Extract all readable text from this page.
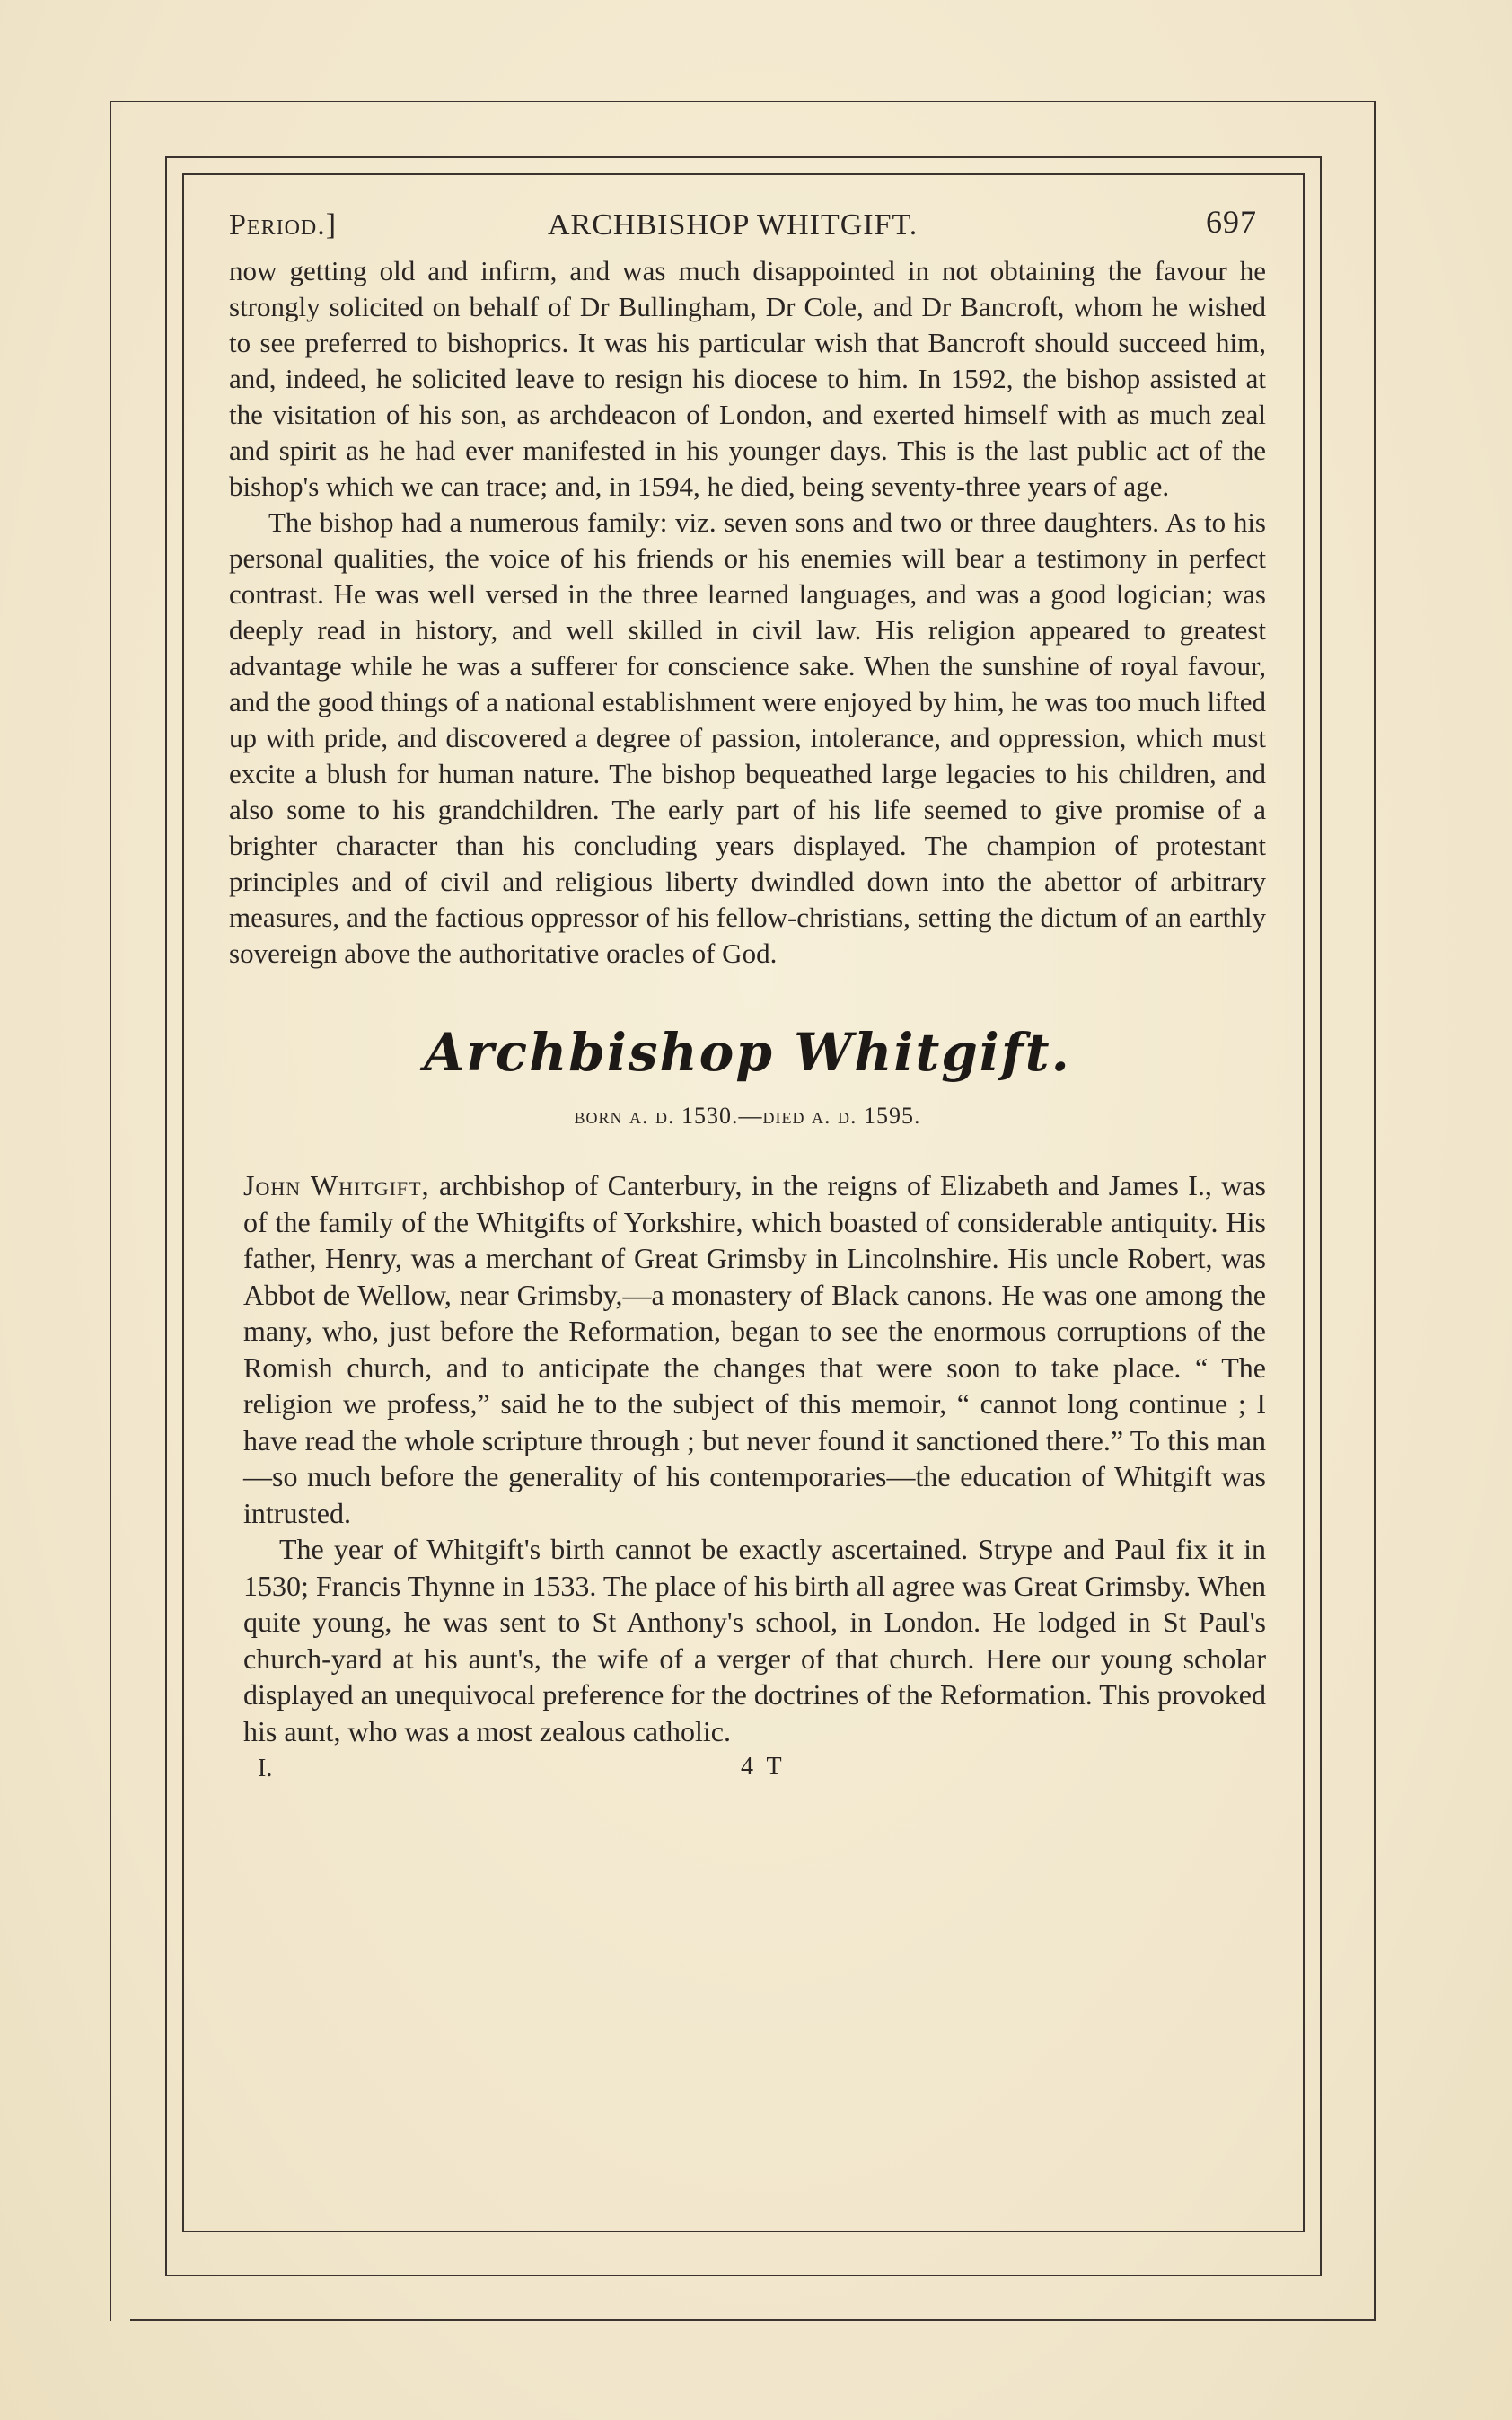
Period.]	ARCHBISHOP WHITGIFT.	697

now getting old and infirm, and was much disappointed in not obtaining the favour he strongly solicited on behalf of Dr Bullingham, Dr Cole, and Dr Bancroft, whom he wished to see preferred to bishoprics. It was his particular wish that Bancroft should succeed him, and, indeed, he solicited leave to resign his diocese to him. In 1592, the bishop assisted at the visitation of his son, as archdeacon of London, and exerted himself with as much zeal and spirit as he had ever manifested in his younger days. This is the last public act of the bishop's which we can trace; and, in 1594, he died, being seventy-three years of age.

The bishop had a numerous family: viz. seven sons and two or three daughters. As to his personal qualities, the voice of his friends or his enemies will bear a testimony in perfect contrast. He was well versed in the three learned languages, and was a good logician; was deeply read in history, and well skilled in civil law. His religion appeared to greatest advantage while he was a sufferer for conscience sake. When the sunshine of royal favour, and the good things of a national establishment were enjoyed by him, he was too much lifted up with pride, and discovered a degree of passion, intolerance, and oppression, which must excite a blush for human nature. The bishop bequeathed large legacies to his children, and also some to his grandchildren. The early part of his life seemed to give promise of a brighter character than his concluding years displayed. The champion of protestant principles and of civil and religious liberty dwindled down into the abettor of arbitrary measures, and the factious oppressor of his fellow-christians, setting the dictum of an earthly sovereign above the authoritative oracles of God.

Archbishop Whitgift.
born a. d. 1530.—died a. d. 1595.

John Whitgift, archbishop of Canterbury, in the reigns of Elizabeth and James I., was of the family of the Whitgifts of Yorkshire, which boasted of considerable antiquity. His father, Henry, was a merchant of Great Grimsby in Lincolnshire. His uncle Robert, was Abbot de Wellow, near Grimsby,—a monastery of Black canons. He was one among the many, who, just before the Reformation, began to see the enormous corruptions of the Romish church, and to anticipate the changes that were soon to take place. “ The religion we profess,” said he to the subject of this memoir, “ cannot long continue ; I have read the whole scripture through ; but never found it sanctioned there.” To this man—so much before the generality of his contemporaries—the education of Whitgift was intrusted.

The year of Whitgift's birth cannot be exactly ascertained. Strype and Paul fix it in 1530; Francis Thynne in 1533. The place of his birth all agree was Great Grimsby. When quite young, he was sent to St Anthony's school, in London. He lodged in St Paul's church-yard at his aunt's, the wife of a verger of that church. Here our young scholar displayed an unequivocal preference for the doctrines of the Reformation. This provoked his aunt, who was a most zealous catholic.

I.	4 T
